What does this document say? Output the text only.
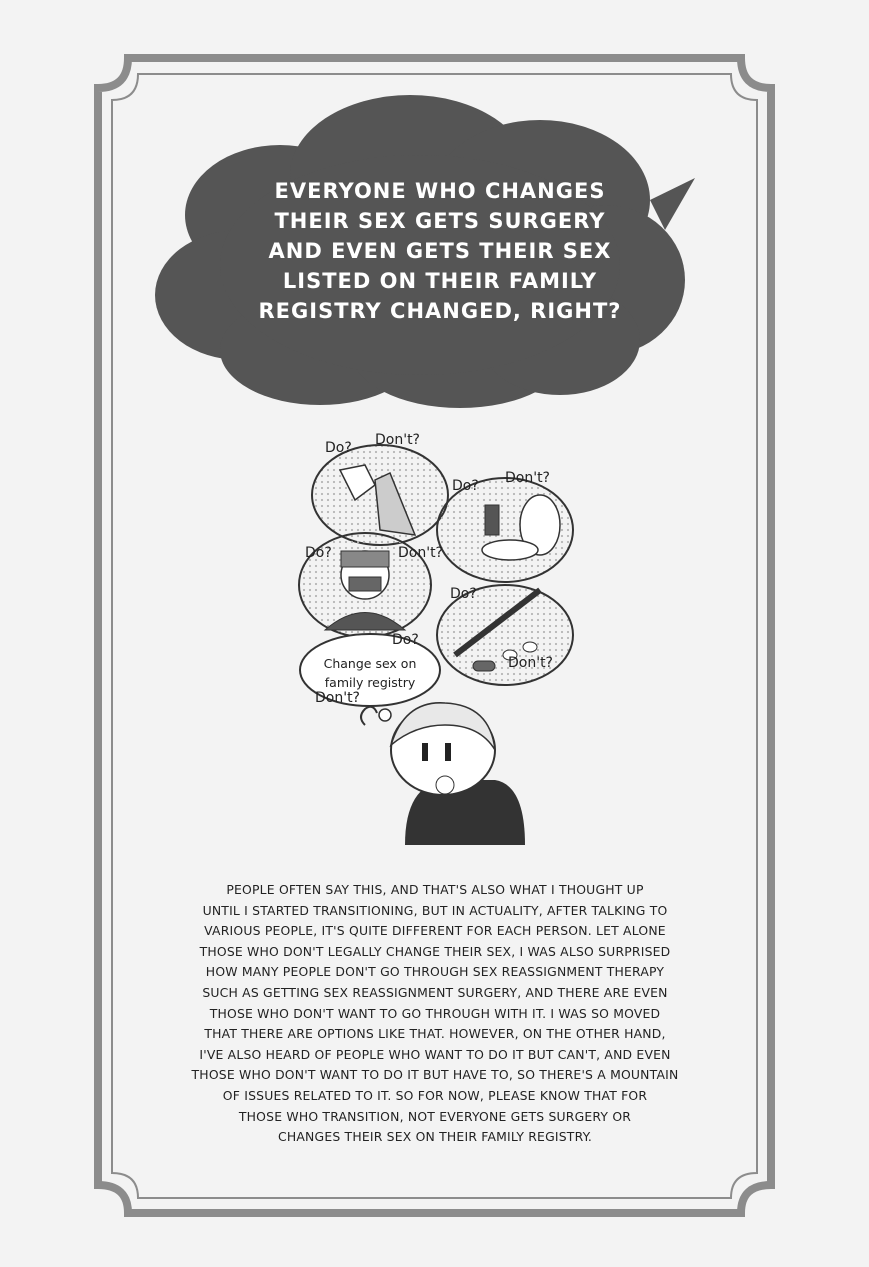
EVERYONE WHO CHANGES
THEIR SEX GETS SURGERY
AND EVEN GETS THEIR SEX
LISTED ON THEIR FAMILY
REGISTRY CHANGED, RIGHT?
Do? Don't?
Do? Don't?
Do?	Don't?
Do?
Don't?
Do?
Don't?
Change sex on
family registry
PEOPLE OFTEN SAY THIS, AND THAT'S ALSO WHAT I THOUGHT UP
UNTIL I STARTED TRANSITIONING, BUT IN ACTUALITY, AFTER TALKING TO
VARIOUS PEOPLE, IT'S QUITE DIFFERENT FOR EACH PERSON. LET ALONE
THOSE WHO DON'T LEGALLY CHANGE THEIR SEX, I WAS ALSO SURPRISED
HOW MANY PEOPLE DON'T GO THROUGH SEX REASSIGNMENT THERAPY
SUCH AS GETTING SEX REASSIGNMENT SURGERY, AND THERE ARE EVEN
THOSE WHO DON'T WANT TO GO THROUGH WITH IT. I WAS SO MOVED
THAT THERE ARE OPTIONS LIKE THAT. HOWEVER, ON THE OTHER HAND,
I'VE ALSO HEARD OF PEOPLE WHO WANT TO DO IT BUT CAN'T, AND EVEN
THOSE WHO DON'T WANT TO DO IT BUT HAVE TO, SO THERE'S A MOUNTAIN
OF ISSUES RELATED TO IT. SO FOR NOW, PLEASE KNOW THAT FOR
THOSE WHO TRANSITION, NOT EVERYONE GETS SURGERY OR
CHANGES THEIR SEX ON THEIR FAMILY REGISTRY.
